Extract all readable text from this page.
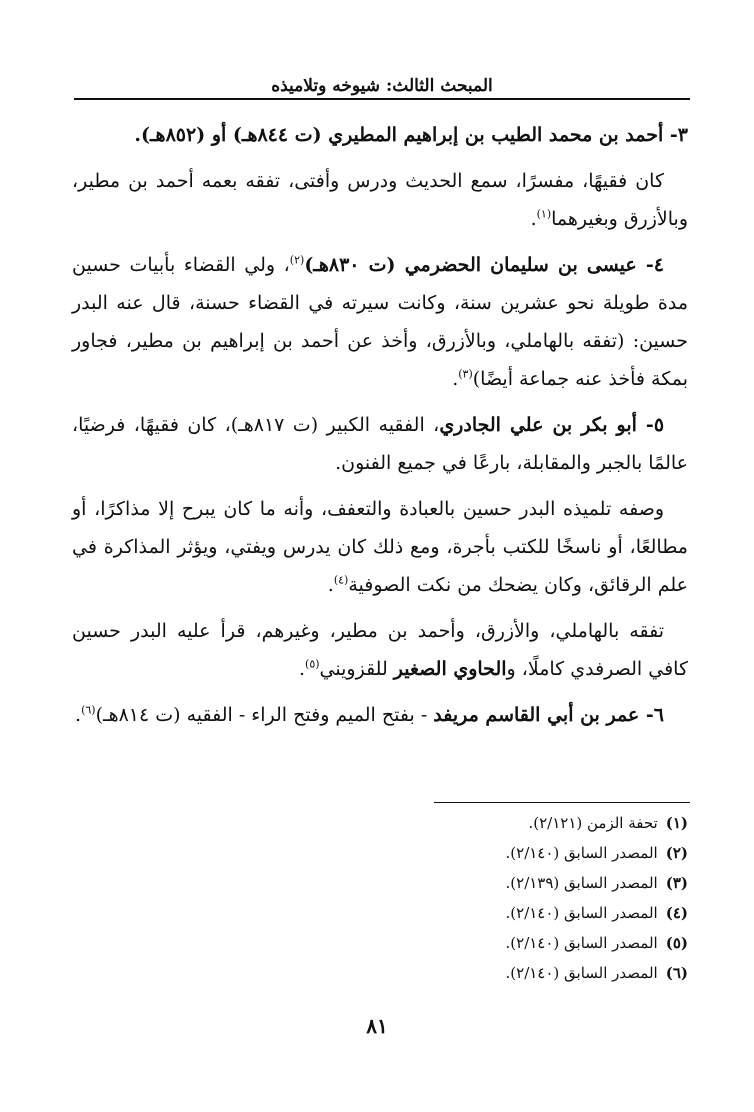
المبحث الثالث: شيوخه وتلاميذه

٣- أحمد بن محمد الطيب بن إبراهيم المطيري (ت ٨٤٤هـ) أو (٨٥٢هـ).

كان فقيهًا، مفسرًا، سمع الحديث ودرس وأفتى، تفقه بعمه أحمد بن مطير، وبالأزرق وبغيرهما$^{(١)}$.

٤- عيسى بن سليمان الحضرمي (ت ٨٣٠هـ)$^{(٢)}$، ولي القضاء بأبيات حسين مدة طويلة نحو عشرين سنة، وكانت سيرته في القضاء حسنة، قال عنه البدر حسين: (تفقه بالهاملي، وبالأزرق، وأخذ عن أحمد بن إبراهيم بن مطير، فجاور بمكة فأخذ عنه جماعة أيضًا)$^{(٣)}$.

٥- أبو بكر بن علي الجادري، الفقيه الكبير (ت ٨١٧هـ)، كان فقيهًا، فرضيًا، عالمًا بالجبر والمقابلة، بارعًا في جميع الفنون.

وصفه تلميذه البدر حسين بالعبادة والتعفف، وأنه ما كان يبرح إلا مذاكرًا، أو مطالعًا، أو ناسخًا للكتب بأجرة، ومع ذلك كان يدرس ويفتي، ويؤثر المذاكرة في علم الرقائق، وكان يضحك من نكت الصوفية$^{(٤)}$.

تفقه بالهاملي، والأزرق، وأحمد بن مطير، وغيرهم، قرأ عليه البدر حسين كافي الصرفدي كاملًا، والحاوي الصغير للقزويني$^{(٥)}$.

٦- عمر بن أبي القاسم مريفد - بفتح الميم وفتح الراء - الفقيه (ت ٨١٤هـ)$^{(٦)}$.

(١)تحفة الزمن (٢/١٢١).
(٢)المصدر السابق (٢/١٤٠).
(٣)المصدر السابق (٢/١٣٩).
(٤)المصدر السابق (٢/١٤٠).
(٥)المصدر السابق (٢/١٤٠).
(٦)المصدر السابق (٢/١٤٠).
٨١
